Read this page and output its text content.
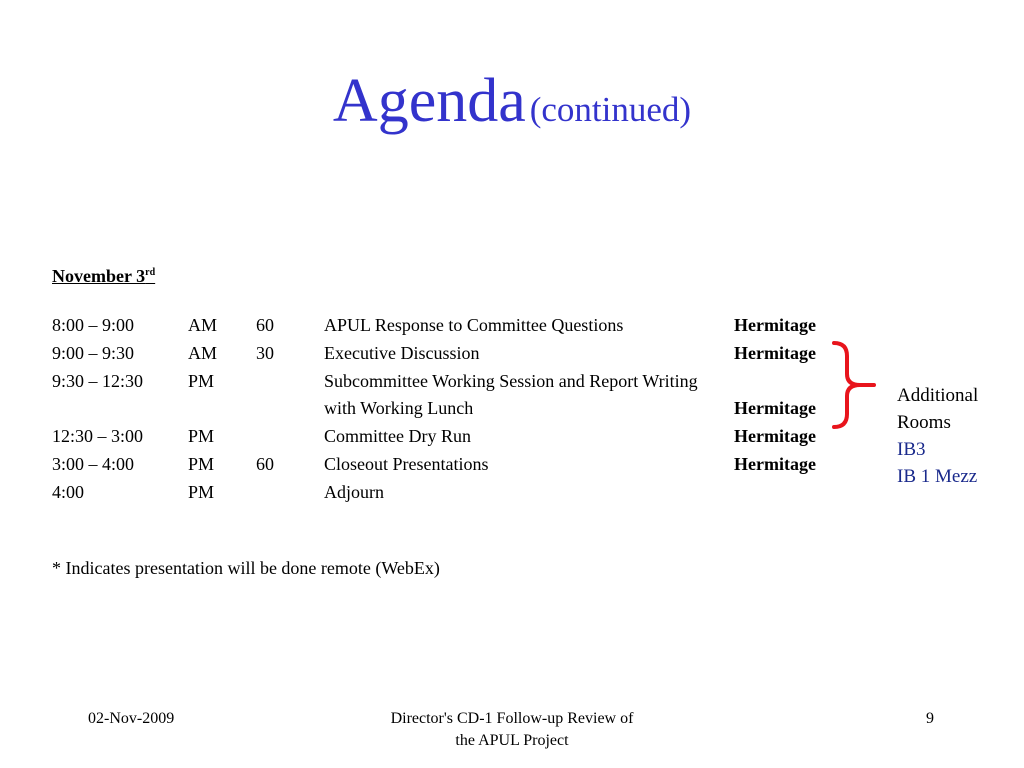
Agenda (continued)
November 3rd
8:00 – 9:00	AM 60	APUL Response to Committee Questions	Hermitage
9:00 – 9:30	AM 30	Executive Discussion	Hermitage
9:30 – 12:30 PM	Subcommittee Working Session and Report Writing
with Working Lunch	Hermitage
12:30 – 3:00 PM	Committee Dry Run	Hermitage
3:00 – 4:00	PM 60	Closeout Presentations	Hermitage
4:00	PM	Adjourn
Additional
Rooms
IB3
IB 1 Mezz
* Indicates presentation will be done remote (WebEx)
02-Nov-2009	Director's CD-1 Follow-up Review of
the APUL Project
9
